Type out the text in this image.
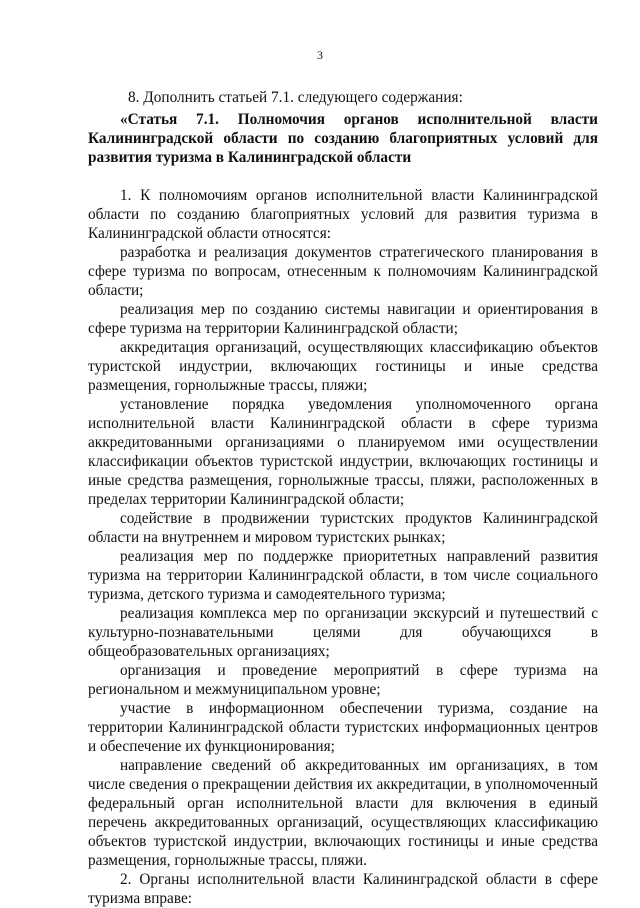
3

8. Дополнить статьей 7.1. следующего содержания:

«Статья 7.1. Полномочия органов исполнительной власти Калининградской области по созданию благоприятных условий для развития туризма в Калининградской области

1. К полномочиям органов исполнительной власти Калининградской области по созданию благоприятных условий для развития туризма в Калининградской области относятся:

разработка и реализация документов стратегического планирования в сфере туризма по вопросам, отнесенным к полномочиям Калининградской области;

реализация мер по созданию системы навигации и ориентирования в сфере туризма на территории Калининградской области;

аккредитация организаций, осуществляющих классификацию объектов туристской индустрии, включающих гостиницы и иные средства размещения, горнолыжные трассы, пляжи;

установление порядка уведомления уполномоченного органа исполнительной власти Калининградской области в сфере туризма аккредитованными организациями о планируемом ими осуществлении классификации объектов туристской индустрии, включающих гостиницы и иные средства размещения, горнолыжные трассы, пляжи, расположенных в пределах территории Калининградской области;

содействие в продвижении туристских продуктов Калининградской области на внутреннем и мировом туристских рынках;

реализация мер по поддержке приоритетных направлений развития туризма на территории Калининградской области, в том числе социального туризма, детского туризма и самодеятельного туризма;

реализация комплекса мер по организации экскурсий и путешествий с культурно-познавательными целями для обучающихся в общеобразовательных организациях;

организация и проведение мероприятий в сфере туризма на региональном и межмуниципальном уровне;

участие в информационном обеспечении туризма, создание на территории Калининградской области туристских информационных центров и обеспечение их функционирования;

направление сведений об аккредитованных им организациях, в том числе сведения о прекращении действия их аккредитации, в уполномоченный федеральный орган исполнительной власти для включения в единый перечень аккредитованных организаций, осуществляющих классификацию объектов туристской индустрии, включающих гостиницы и иные средства размещения, горнолыжные трассы, пляжи.

2. Органы исполнительной власти Калининградской области в сфере туризма вправе:
